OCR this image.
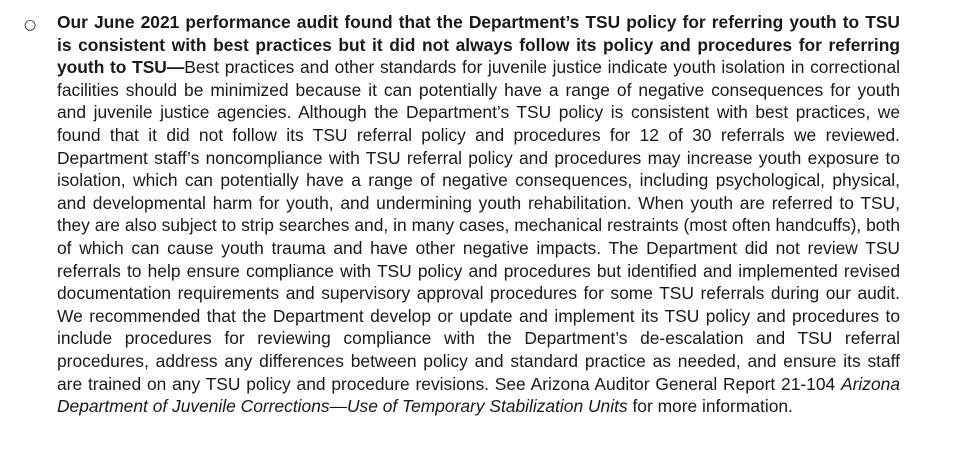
○ Our June 2021 performance audit found that the Department’s TSU policy for referring youth to TSU is consistent with best practices but it did not always follow its policy and procedures for referring youth to TSU—Best practices and other standards for juvenile justice indicate youth isolation in correctional facilities should be minimized because it can potentially have a range of negative consequences for youth and juvenile justice agencies. Although the Department’s TSU policy is consistent with best practices, we found that it did not follow its TSU referral policy and procedures for 12 of 30 referrals we reviewed. Department staff’s noncompliance with TSU referral policy and procedures may increase youth exposure to isolation, which can potentially have a range of negative consequences, including psychological, physical, and developmental harm for youth, and undermining youth rehabilitation. When youth are referred to TSU, they are also subject to strip searches and, in many cases, mechanical restraints (most often handcuffs), both of which can cause youth trauma and have other negative impacts. The Department did not review TSU referrals to help ensure compliance with TSU policy and procedures but identified and implemented revised documentation requirements and supervisory approval procedures for some TSU referrals during our audit. We recommended that the Department develop or update and implement its TSU policy and procedures to include procedures for reviewing compliance with the Department’s de-escalation and TSU referral procedures, address any differences between policy and standard practice as needed, and ensure its staff are trained on any TSU policy and procedure revisions. See Arizona Auditor General Report 21-104 Arizona Department of Juvenile Corrections—Use of Temporary Stabilization Units for more information.
